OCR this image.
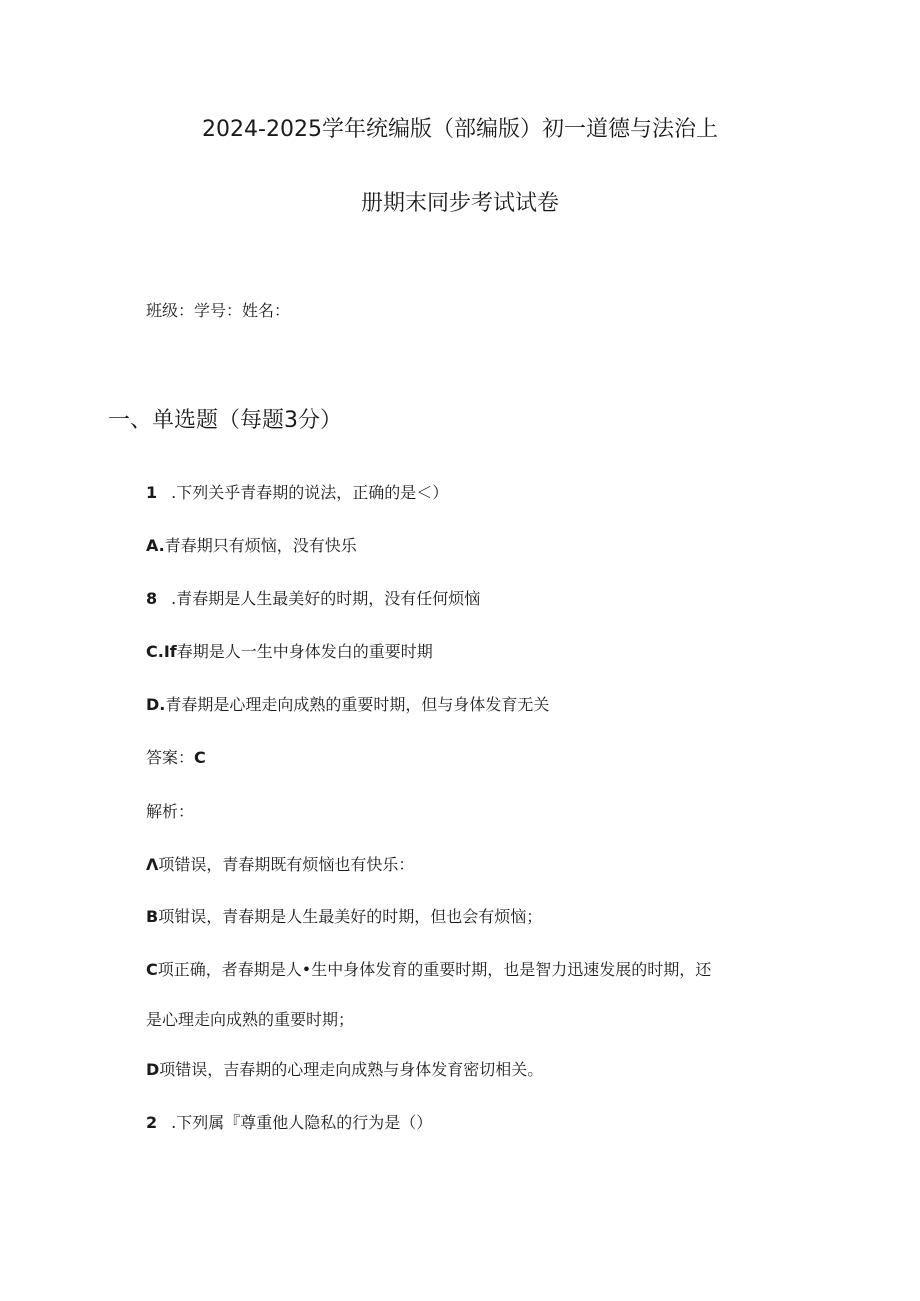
2024-2025学年统编版（部编版）初一道德与法治上
册期末同步考试试卷
班级：学号：姓名：
一、单选题（每题3分）
1 .下列关乎青春期的说法，正确的是＜）
A.青春期只有烦恼，没有快乐
8 .青春期是人生最美好的时期，没有任何烦恼
C.If春期是人一生中身体发白的重要时期
D.青春期是心理走向成熟的重要时期，但与身体发育无关
答案：C
解析：
Λ项错误，青春期既有烦恼也有快乐：
B项钳误，青春期是人生最美好的时期，但也会有烦恼；
C项正确，者春期是人•生中身体发育的重要时期，也是智力迅速发展的时期，还
是心理走向成熟的重要时期；
D项错误，吉春期的心理走向成熟与身体发育密切相关。
2 .下列属『尊重他人隐私的行为是（）
